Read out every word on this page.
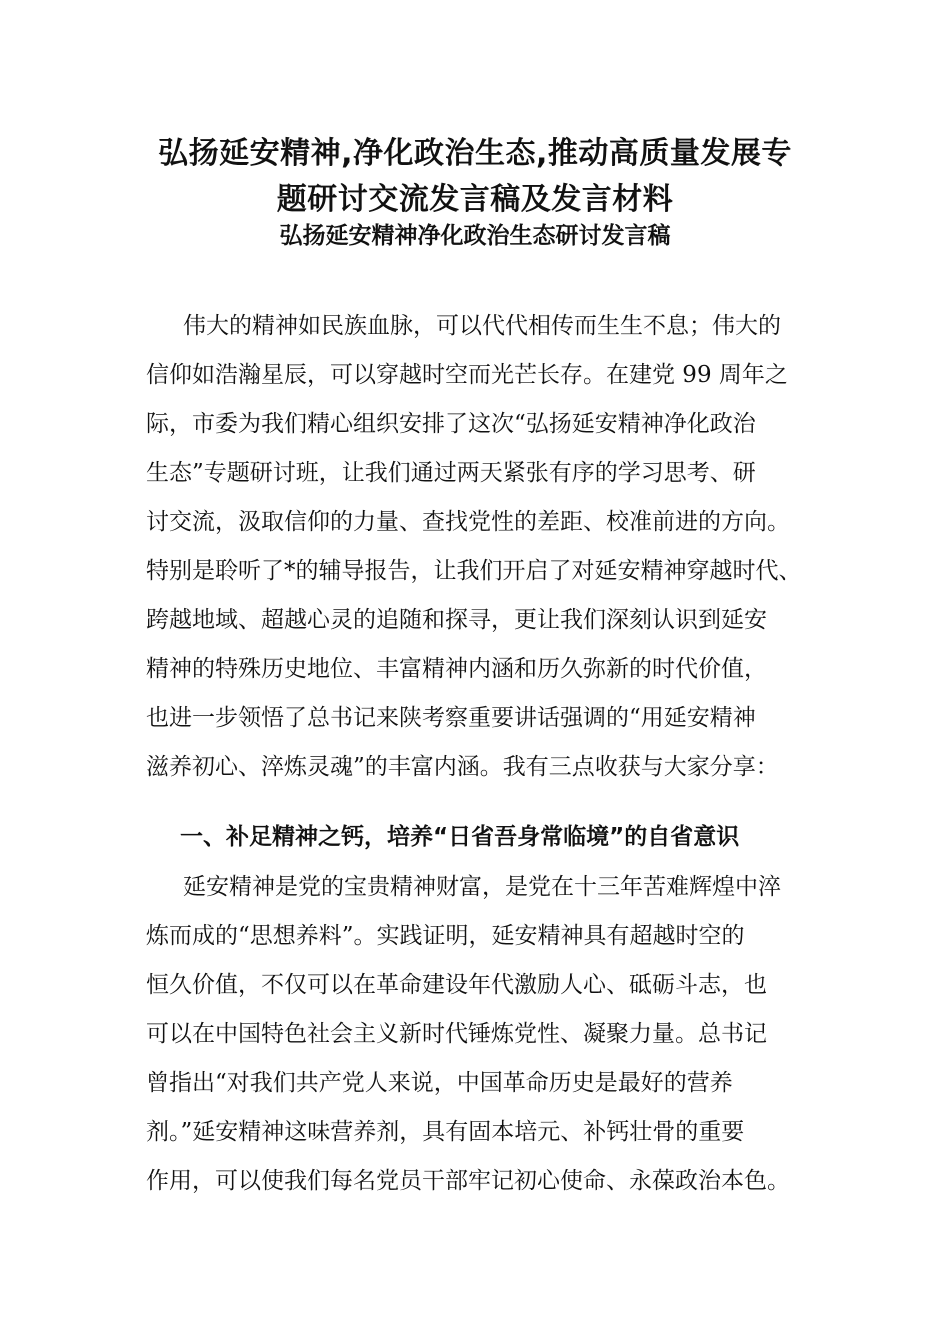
弘扬延安精神,净化政治生态,推动高质量发展专
题研讨交流发言稿及发言材料
弘扬延安精神净化政治生态研讨发言稿
伟大的精神如民族血脉，可以代代相传而生生不息；伟大的
信仰如浩瀚星辰，可以穿越时空而光芒长存。在建党 99 周年之
际，市委为我们精心组织安排了这次“弘扬延安精神净化政治
生态”专题研讨班，让我们通过两天紧张有序的学习思考、研
讨交流，汲取信仰的力量、查找党性的差距、校准前进的方向。
特别是聆听了*的辅导报告，让我们开启了对延安精神穿越时代、
跨越地域、超越心灵的追随和探寻，更让我们深刻认识到延安
精神的特殊历史地位、丰富精神内涵和历久弥新的时代价值，
也进一步领悟了总书记来陕考察重要讲话强调的“用延安精神
滋养初心、淬炼灵魂”的丰富内涵。我有三点收获与大家分享：
一、补足精神之钙，培养“日省吾身常临境”的自省意识
延安精神是党的宝贵精神财富，是党在十三年苦难辉煌中淬
炼而成的“思想养料”。实践证明，延安精神具有超越时空的
恒久价值，不仅可以在革命建设年代激励人心、砥砺斗志，也
可以在中国特色社会主义新时代锤炼党性、凝聚力量。总书记
曾指出“对我们共产党人来说，中国革命历史是最好的营养
剂。”延安精神这味营养剂，具有固本培元、补钙壮骨的重要
作用，可以使我们每名党员干部牢记初心使命、永葆政治本色。
